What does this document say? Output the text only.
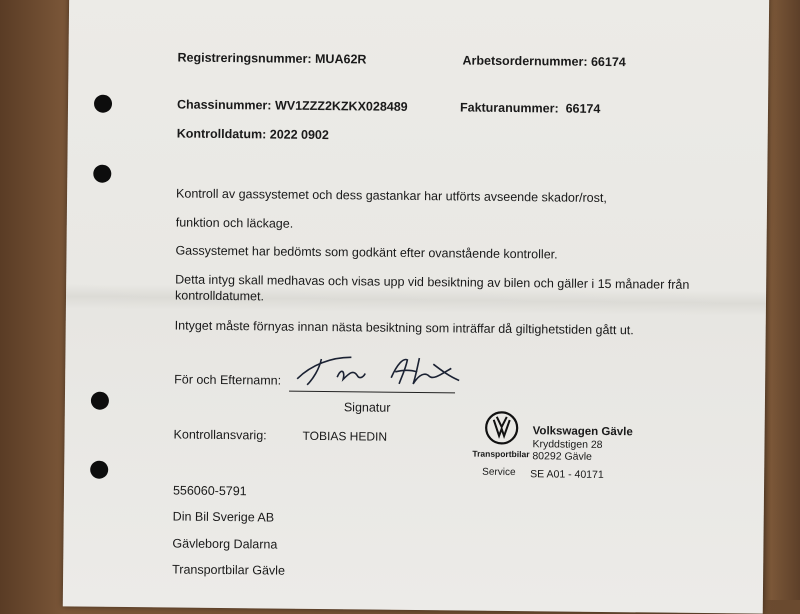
Registreringsnummer: MUA62R	Arbetsordernummer: 66174
Chassinummer: WV1ZZZ2KZKX028489	Fakturanummer: 66174
Kontrolldatum: 2022 0902
Kontroll av gassystemet och dess gastankar har utförts avseende skador/rost,
funktion och läckage.
Gassystemet har bedömts som godkänt efter ovanstående kontroller.
Detta intyg skall medhavas och visas upp vid besiktning av bilen och gäller i 15 månader från
kontrolldatumet.
Intyget måste förnyas innan nästa besiktning som inträffar då giltighetstiden gått ut.
För och Efternamn:
Signatur
Kontrollansvarig:	TOBIAS HEDIN
Transportbilar
Service
Volkswagen Gävle
Kryddstigen 28
80292 Gävle
SE A01 - 40171
556060-5791
Din Bil Sverige AB
Gävleborg Dalarna
Transportbilar Gävle
